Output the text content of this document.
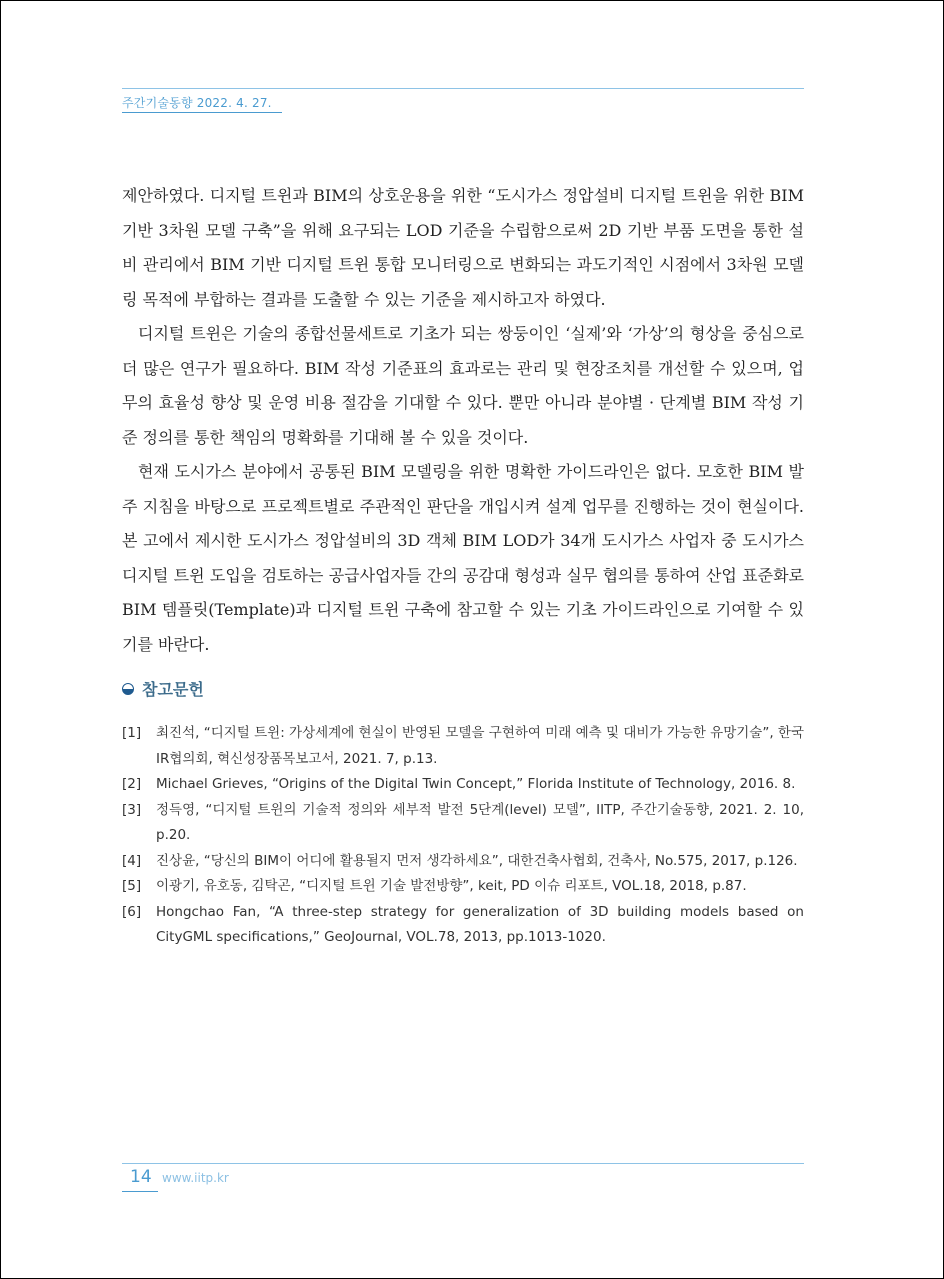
주간기술동향 2022. 4. 27.

제안하였다. 디지털 트윈과 BIM의 상호운용을 위한 “도시가스 정압설비 디지털 트윈을 위한 BIM 기반 3차원 모델 구축”을 위해 요구되는 LOD 기준을 수립함으로써 2D 기반 부품 도면을 통한 설비 관리에서 BIM 기반 디지털 트윈 통합 모니터링으로 변화되는 과도기적인 시점에서 3차원 모델링 목적에 부합하는 결과를 도출할 수 있는 기준을 제시하고자 하였다.

디지털 트윈은 기술의 종합선물세트로 기초가 되는 쌍둥이인 ‘실제’와 ‘가상’의 형상을 중심으로 더 많은 연구가 필요하다. BIM 작성 기준표의 효과로는 관리 및 현장조치를 개선할 수 있으며, 업무의 효율성 향상 및 운영 비용 절감을 기대할 수 있다. 뿐만 아니라 분야별 · 단계별 BIM 작성 기준 정의를 통한 책임의 명확화를 기대해 볼 수 있을 것이다.

현재 도시가스 분야에서 공통된 BIM 모델링을 위한 명확한 가이드라인은 없다. 모호한 BIM 발주 지침을 바탕으로 프로젝트별로 주관적인 판단을 개입시켜 설계 업무를 진행하는 것이 현실이다. 본 고에서 제시한 도시가스 정압설비의 3D 객체 BIM LOD가 34개 도시가스 사업자 중 도시가스 디지털 트윈 도입을 검토하는 공급사업자들 간의 공감대 형성과 실무 협의를 통하여 산업 표준화로 BIM 템플릿(Template)과 디지털 트윈 구축에 참고할 수 있는 기초 가이드라인으로 기여할 수 있기를 바란다.

참고문헌
[1]	최진석, “디지털 트윈: 가상세계에 현실이 반영된 모델을 구현하여 미래 예측 및 대비가 가능한 유망기술”, 한국IR협의회, 혁신성장품목보고서, 2021. 7, p.13.
[2]	Michael Grieves, “Origins of the Digital Twin Concept,” Florida Institute of Technology, 2016. 8.
[3]	정득영, “디지털 트윈의 기술적 정의와 세부적 발전 5단계(level) 모델”, IITP, 주간기술동향, 2021. 2. 10, p.20.
[4]	진상윤, “당신의 BIM이 어디에 활용될지 먼저 생각하세요”, 대한건축사협회, 건축사, No.575, 2017, p.126.
[5]	이광기, 유호동, 김탁곤, “디지털 트윈 기술 발전방향”, keit, PD 이슈 리포트, VOL.18, 2018, p.87.
[6]	Hongchao Fan, “A three-step strategy for generalization of 3D building models based on CityGML specifications,” GeoJournal, VOL.78, 2013, pp.1013-1020.
14 www.iitp.kr
